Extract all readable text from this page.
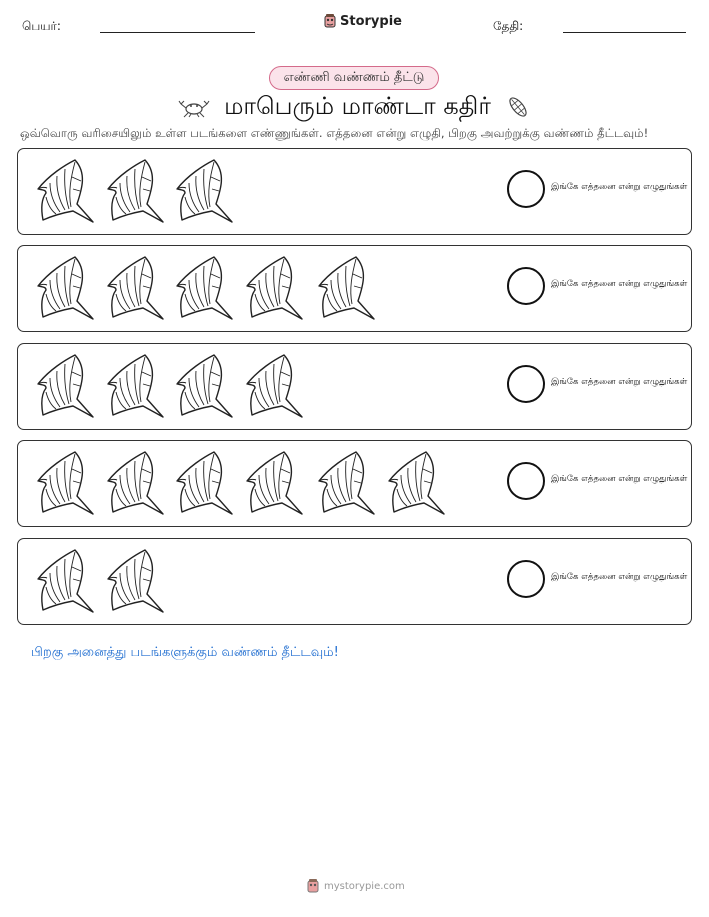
பெயர்:	Storypie	தேதி:
எண்ணி வண்ணம் தீட்டு
மாபெரும் மாண்டா கதிர்
ஒவ்வொரு வரிசையிலும் உள்ள படங்களை எண்ணுங்கள். எத்தனை என்று எழுதி, பிறகு அவற்றுக்கு வண்ணம் தீட்டவும்!
இங்கே எத்தனை என்று எழுதுங்கள்
இங்கே எத்தனை என்று எழுதுங்கள்
இங்கே எத்தனை என்று எழுதுங்கள்
இங்கே எத்தனை என்று எழுதுங்கள்
இங்கே எத்தனை என்று எழுதுங்கள்
பிறகு அனைத்து படங்களுக்கும் வண்ணம் தீட்டவும்!
mystorypie.com
